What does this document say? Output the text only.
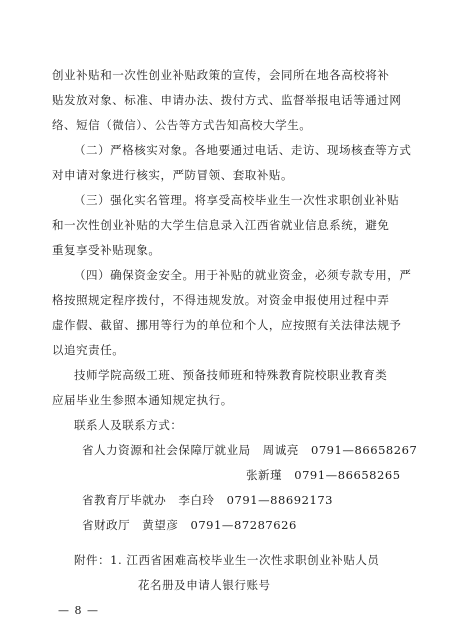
创业补贴和一次性创业补贴政策的宣传，会同所在地各高校将补
贴发放对象、标准、申请办法、拨付方式、监督举报电话等通过网
络、短信（微信）、公告等方式告知高校大学生。
（二）严格核实对象。各地要通过电话、走访、现场核查等方式
对申请对象进行核实，严防冒领、套取补贴。
（三）强化实名管理。将享受高校毕业生一次性求职创业补贴
和一次性创业补贴的大学生信息录入江西省就业信息系统，避免
重复享受补贴现象。
（四）确保资金安全。用于补贴的就业资金，必须专款专用，严
格按照规定程序拨付，不得违规发放。对资金申报使用过程中弄
虚作假、截留、挪用等行为的单位和个人，应按照有关法律法规予
以追究责任。
技师学院高级工班、预备技师班和特殊教育院校职业教育类
应届毕业生参照本通知规定执行。
联系人及联系方式：
省人力资源和社会保障厅就业局　周诚亮　0791—86658267
张新瑾　0791—86658265
省教育厅毕就办　李白玲　0791—88692173
省财政厅　黄望彦　0791—87287626
附件：1. 江西省困难高校毕业生一次性求职创业补贴人员
花名册及申请人银行账号
— 8 —
